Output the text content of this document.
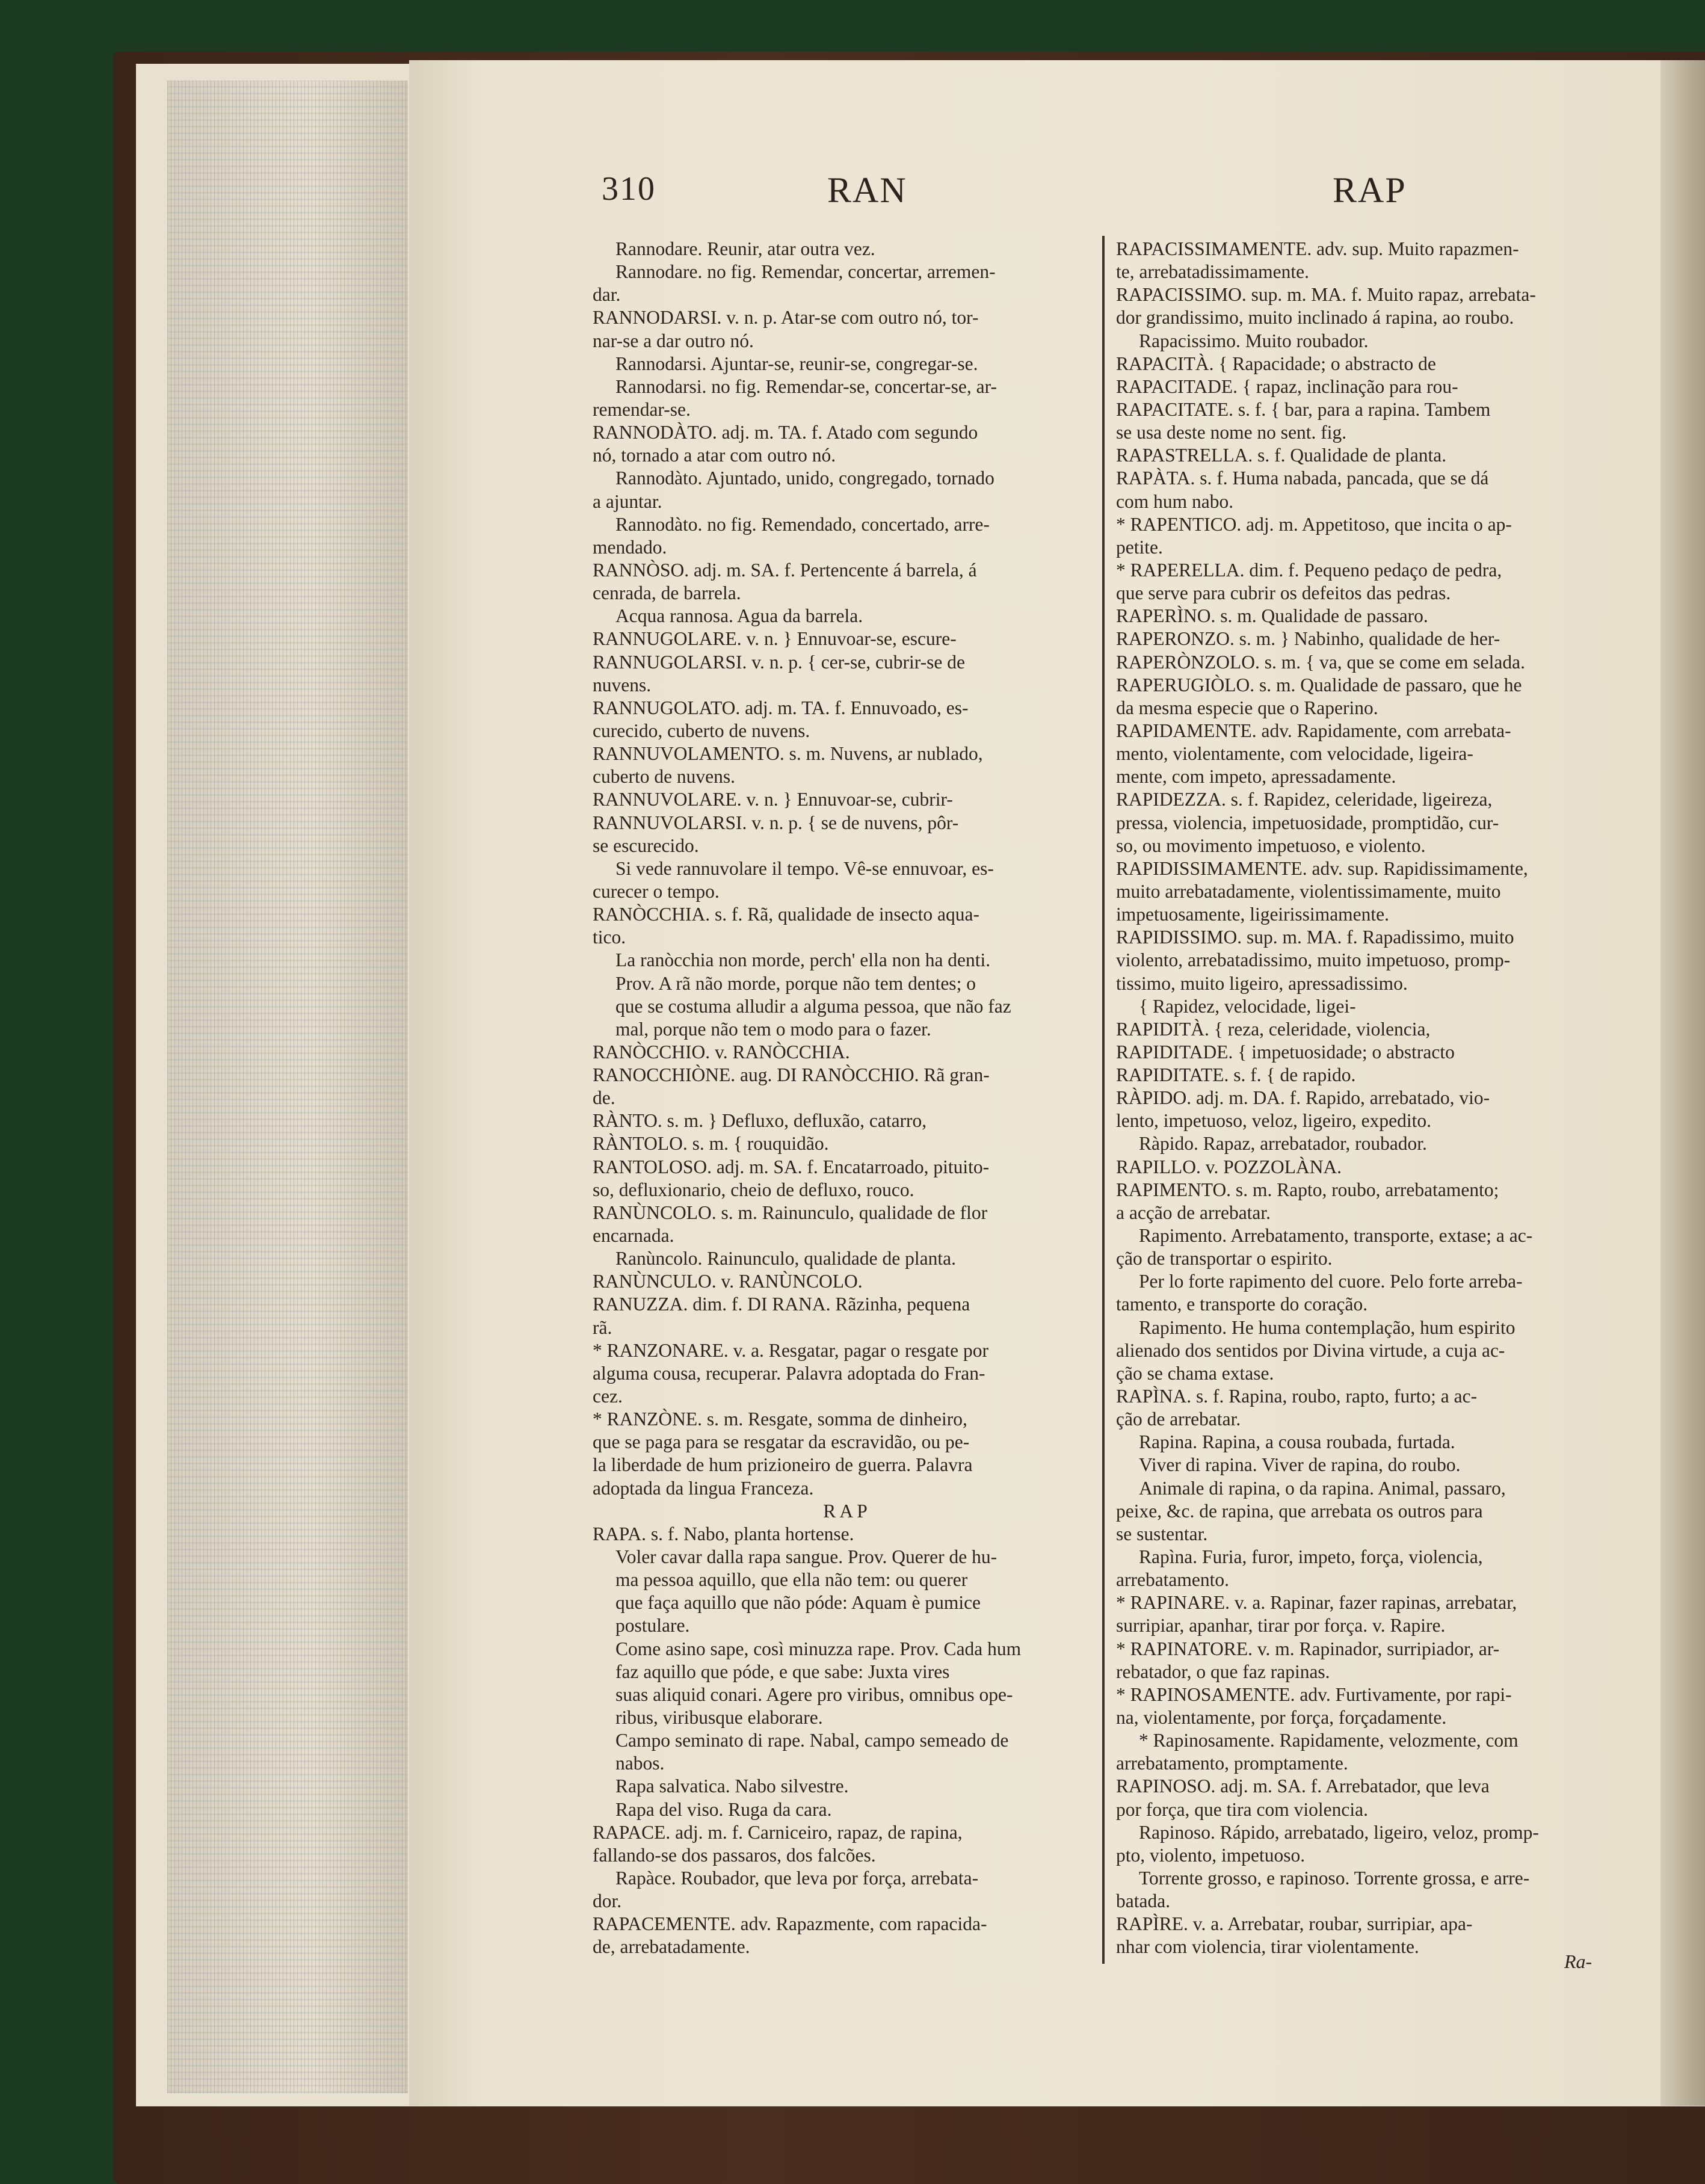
310	RAN	RAP
Rannodare. Reunir, atar outra vez.
Rannodare. no fig. Remendar, concertar, arremen-
dar.
RANNODARSI. v. n. p. Atar-se com outro nó, tor-
nar-se a dar outro nó.
Rannodarsi. Ajuntar-se, reunir-se, congregar-se.
Rannodarsi. no fig. Remendar-se, concertar-se, ar-
remendar-se.
RANNODÀTO. adj. m. TA. f. Atado com segundo
nó, tornado a atar com outro nó.
Rannodàto. Ajuntado, unido, congregado, tornado
a ajuntar.
Rannodàto. no fig. Remendado, concertado, arre-
mendado.
RANNÒSO. adj. m. SA. f. Pertencente á barrela, á
cenrada, de barrela.
Acqua rannosa. Agua da barrela.
RANNUGOLARE. v. n. } Ennuvoar-se, escure-
RANNUGOLARSI. v. n. p. { cer-se, cubrir-se de
nuvens.
RANNUGOLATO. adj. m. TA. f. Ennuvoado, es-
curecido, cuberto de nuvens.
RANNUVOLAMENTO. s. m. Nuvens, ar nublado,
cuberto de nuvens.
RANNUVOLARE. v. n. } Ennuvoar-se, cubrir-
RANNUVOLARSI. v. n. p. { se de nuvens, pôr-
se escurecido.
Si vede rannuvolare il tempo. Vê-se ennuvoar, es-
curecer o tempo.
RANÒCCHIA. s. f. Rã, qualidade de insecto aqua-
tico.
La ranòcchia non morde, perch' ella non ha denti.
Prov. A rã não morde, porque não tem dentes; o
que se costuma alludir a alguma pessoa, que não faz
mal, porque não tem o modo para o fazer.
RANÒCCHIO. v. RANÒCCHIA.
RANOCCHIÒNE. aug. DI RANÒCCHIO. Rã gran-
de.
RÀNTO. s. m. } Defluxo, defluxão, catarro,
RÀNTOLO. s. m. { rouquidão.
RANTOLOSO. adj. m. SA. f. Encatarroado, pituito-
so, defluxionario, cheio de defluxo, rouco.
RANÙNCOLO. s. m. Rainunculo, qualidade de flor
encarnada.
Ranùncolo. Rainunculo, qualidade de planta.
RANÙNCULO. v. RANÙNCOLO.
RANUZZA. dim. f. DI RANA. Rãzinha, pequena
rã.
* RANZONARE. v. a. Resgatar, pagar o resgate por
alguma cousa, recuperar. Palavra adoptada do Fran-
cez.
* RANZÒNE. s. m. Resgate, somma de dinheiro,
que se paga para se resgatar da escravidão, ou pe-
la liberdade de hum prizioneiro de guerra. Palavra
adoptada da lingua Franceza.
R A P
RAPA. s. f. Nabo, planta hortense.
Voler cavar dalla rapa sangue. Prov. Querer de hu-
ma pessoa aquillo, que ella não tem: ou querer
que faça aquillo que não póde: Aquam è pumice
postulare.
Come asino sape, così minuzza rape. Prov. Cada hum
faz aquillo que póde, e que sabe: Juxta vires
suas aliquid conari. Agere pro viribus, omnibus ope-
ribus, viribusque elaborare.
Campo seminato di rape. Nabal, campo semeado de
nabos.
Rapa salvatica. Nabo silvestre.
Rapa del viso. Ruga da cara.
RAPACE. adj. m. f. Carniceiro, rapaz, de rapina,
fallando-se dos passaros, dos falcões.
Rapàce. Roubador, que leva por força, arrebata-
dor.
RAPACEMENTE. adv. Rapazmente, com rapacida-
de, arrebatadamente.
RAPACISSIMAMENTE. adv. sup. Muito rapazmen-
te, arrebatadissimamente.
RAPACISSIMO. sup. m. MA. f. Muito rapaz, arrebata-
dor grandissimo, muito inclinado á rapina, ao roubo.
Rapacissimo. Muito roubador.
RAPACITÀ. { Rapacidade; o abstracto de
RAPACITADE. { rapaz, inclinação para rou-
RAPACITATE. s. f. { bar, para a rapina. Tambem
se usa deste nome no sent. fig.
RAPASTRELLA. s. f. Qualidade de planta.
RAPÀTA. s. f. Huma nabada, pancada, que se dá
com hum nabo.
* RAPENTICO. adj. m. Appetitoso, que incita o ap-
petite.
* RAPERELLA. dim. f. Pequeno pedaço de pedra,
que serve para cubrir os defeitos das pedras.
RAPERÌNO. s. m. Qualidade de passaro.
RAPERONZO. s. m. } Nabinho, qualidade de her-
RAPERÒNZOLO. s. m. { va, que se come em selada.
RAPERUGIÒLO. s. m. Qualidade de passaro, que he
da mesma especie que o Raperino.
RAPIDAMENTE. adv. Rapidamente, com arrebata-
mento, violentamente, com velocidade, ligeira-
mente, com impeto, apressadamente.
RAPIDEZZA. s. f. Rapidez, celeridade, ligeireza,
pressa, violencia, impetuosidade, promptidão, cur-
so, ou movimento impetuoso, e violento.
RAPIDISSIMAMENTE. adv. sup. Rapidissimamente,
muito arrebatadamente, violentissimamente, muito
impetuosamente, ligeirissimamente.
RAPIDISSIMO. sup. m. MA. f. Rapadissimo, muito
violento, arrebatadissimo, muito impetuoso, promp-
tissimo, muito ligeiro, apressadissimo.
{ Rapidez, velocidade, ligei-
RAPIDITÀ. { reza, celeridade, violencia,
RAPIDITADE. { impetuosidade; o abstracto
RAPIDITATE. s. f. { de rapido.
RÀPIDO. adj. m. DA. f. Rapido, arrebatado, vio-
lento, impetuoso, veloz, ligeiro, expedito.
Ràpido. Rapaz, arrebatador, roubador.
RAPILLO. v. POZZOLÀNA.
RAPIMENTO. s. m. Rapto, roubo, arrebatamento;
a acção de arrebatar.
Rapimento. Arrebatamento, transporte, extase; a ac-
ção de transportar o espirito.
Per lo forte rapimento del cuore. Pelo forte arreba-
tamento, e transporte do coração.
Rapimento. He huma contemplação, hum espirito
alienado dos sentidos por Divina virtude, a cuja ac-
ção se chama extase.
RAPÌNA. s. f. Rapina, roubo, rapto, furto; a ac-
ção de arrebatar.
Rapina. Rapina, a cousa roubada, furtada.
Viver di rapina. Viver de rapina, do roubo.
Animale di rapina, o da rapina. Animal, passaro,
peixe, &c. de rapina, que arrebata os outros para
se sustentar.
Rapìna. Furia, furor, impeto, força, violencia,
arrebatamento.
* RAPINARE. v. a. Rapinar, fazer rapinas, arrebatar,
surripiar, apanhar, tirar por força. v. Rapire.
* RAPINATORE. v. m. Rapinador, surripiador, ar-
rebatador, o que faz rapinas.
* RAPINOSAMENTE. adv. Furtivamente, por rapi-
na, violentamente, por força, forçadamente.
* Rapinosamente. Rapidamente, velozmente, com
arrebatamento, promptamente.
RAPINOSO. adj. m. SA. f. Arrebatador, que leva
por força, que tira com violencia.
Rapinoso. Rápido, arrebatado, ligeiro, veloz, promp-
pto, violento, impetuoso.
Torrente grosso, e rapinoso. Torrente grossa, e arre-
batada.
RAPÌRE. v. a. Arrebatar, roubar, surripiar, apa-
nhar com violencia, tirar violentamente.
Ra-
